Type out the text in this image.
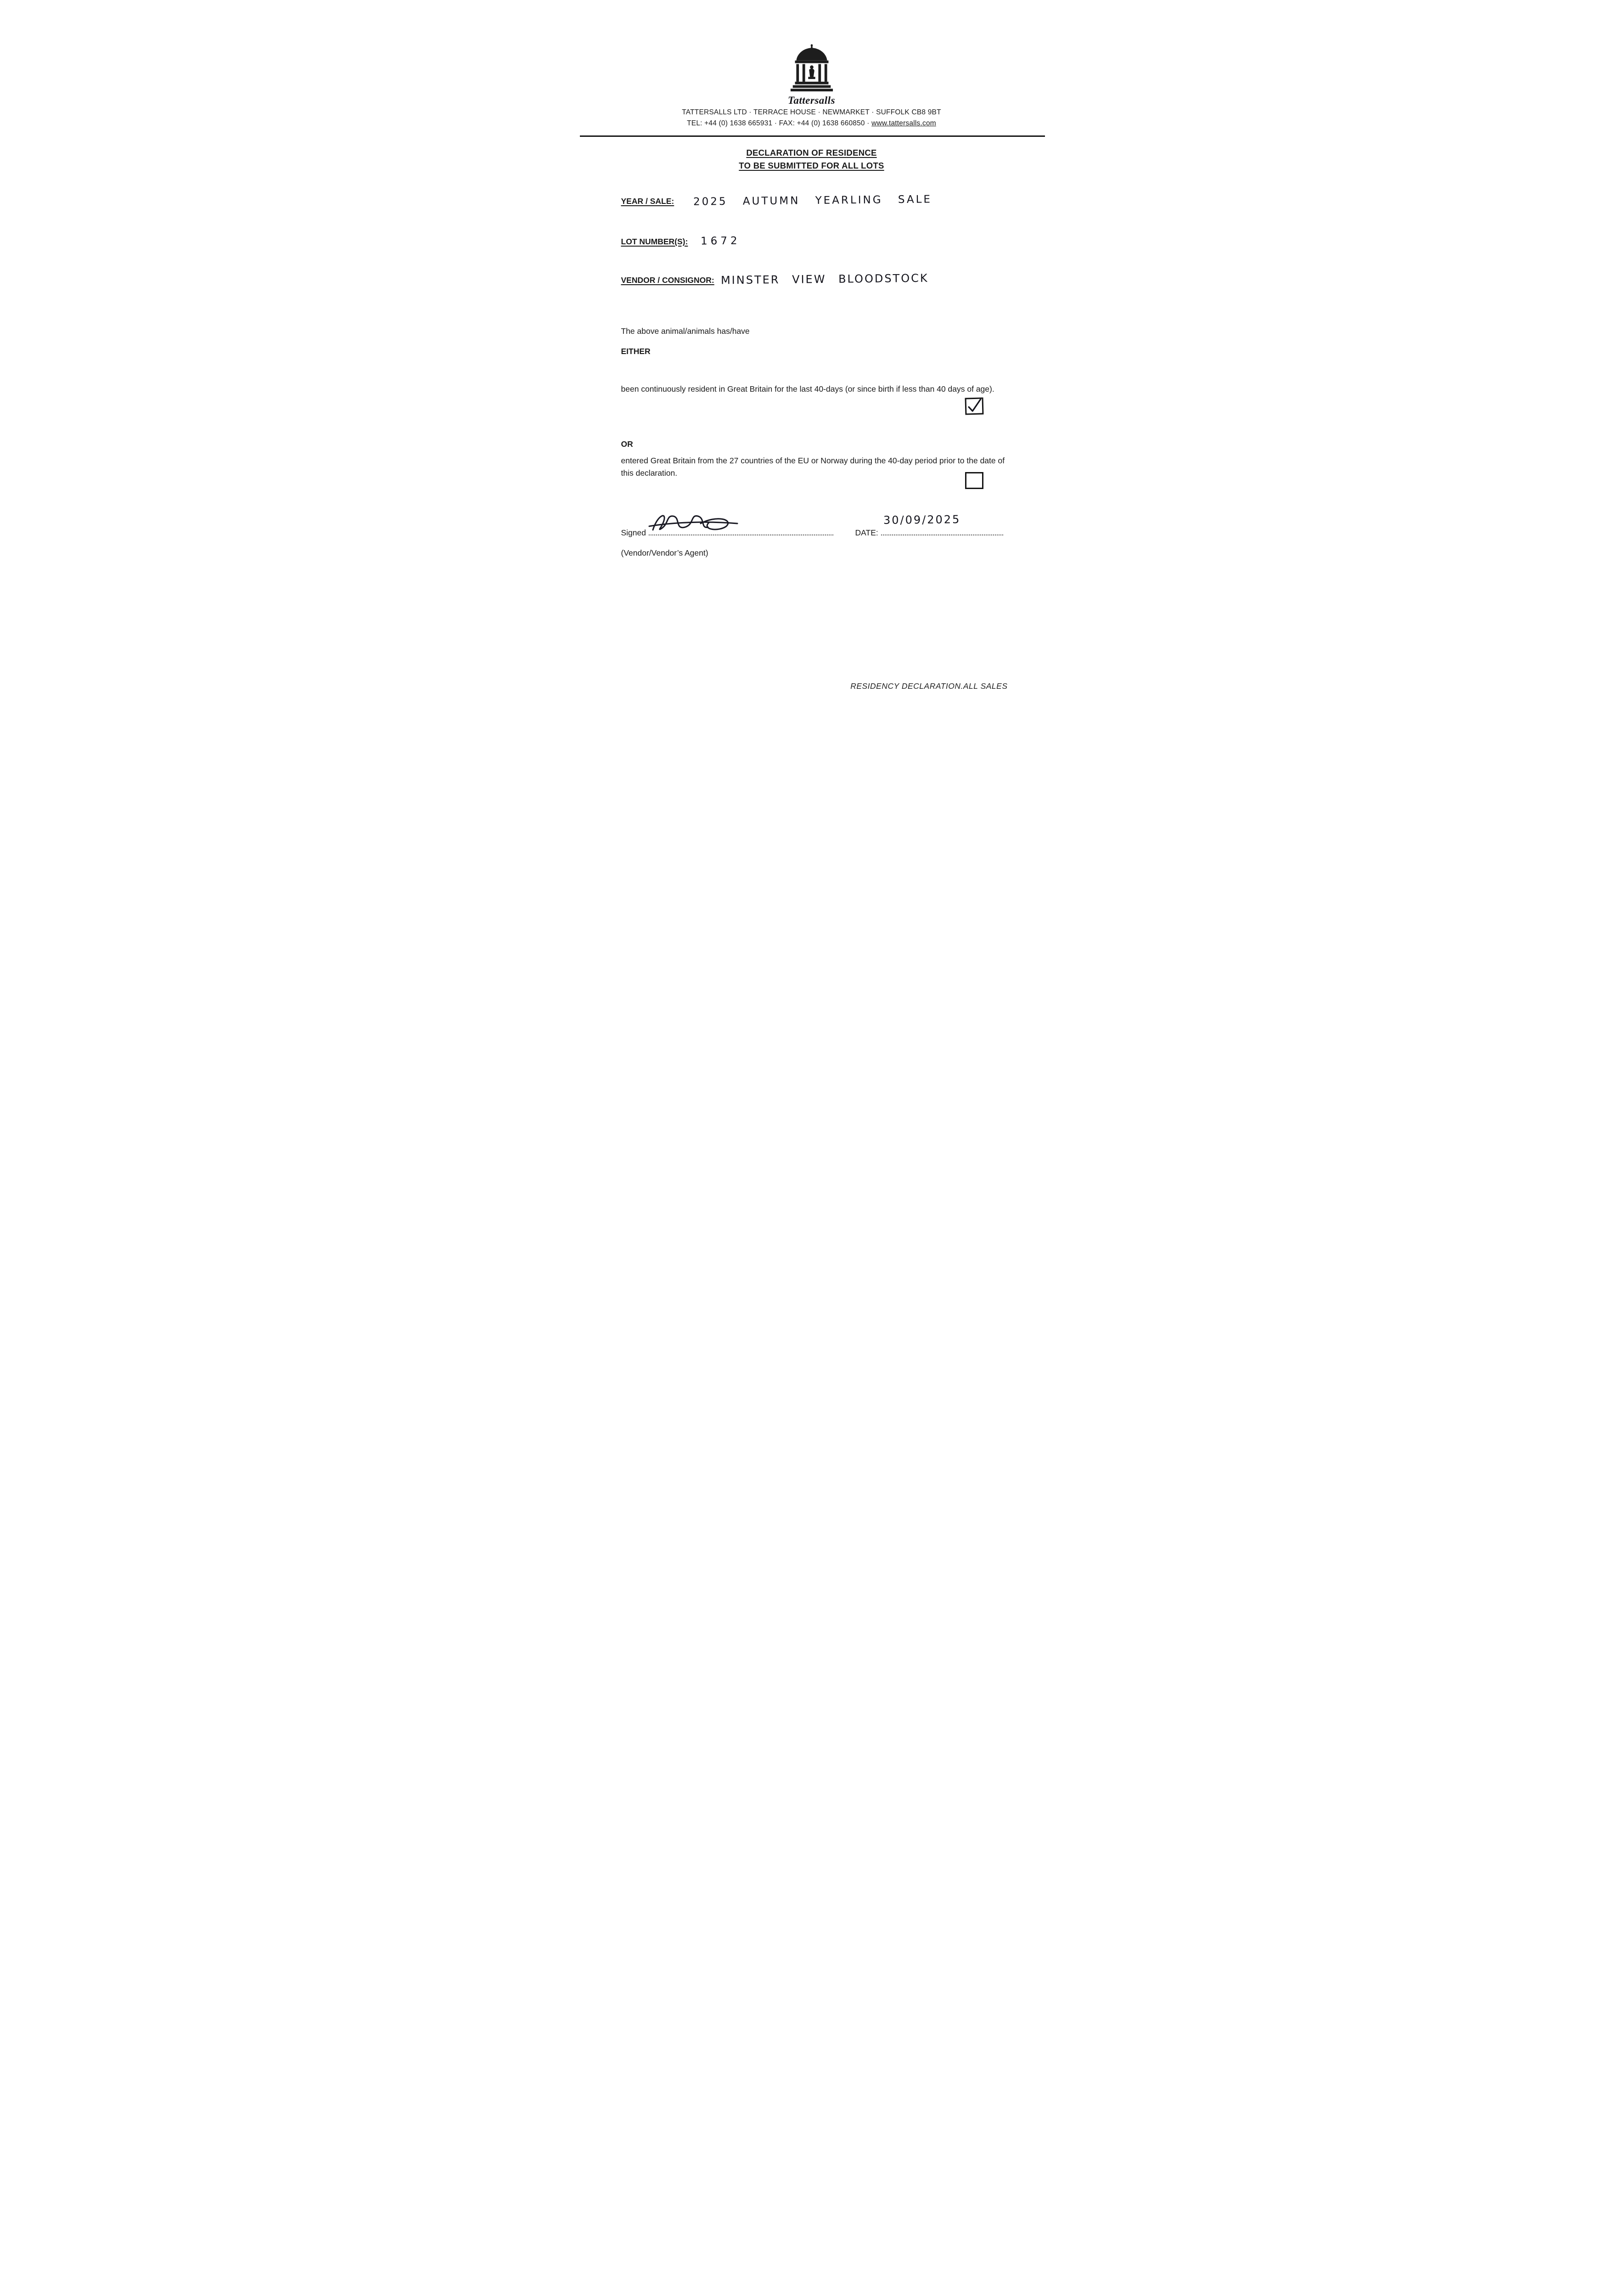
Tattersalls
TATTERSALLS LTD · TERRACE HOUSE · NEWMARKET · SUFFOLK CB8 9BT
TEL: +44 (0) 1638 665931 · FAX: +44 (0) 1638 660850 · www.tattersalls.com
DECLARATION OF RESIDENCE
TO BE SUBMITTED FOR ALL LOTS
YEAR / SALE: 2025 AUTUMN YEARLING SALE
LOT NUMBER(S): 1672
VENDOR / CONSIGNOR: MINSTER VIEW BLOODSTOCK
The above animal/animals has/have
EITHER
been continuously resident in Great Britain for the last 40-days (or since birth if less than 40 days of age).
OR
entered Great Britain from the 27 countries of the EU or Norway during the 40-day period prior to the date of this declaration.
Signed	DATE:
30/09/2025
(Vendor/Vendor’s Agent)
RESIDENCY DECLARATION.ALL SALES
